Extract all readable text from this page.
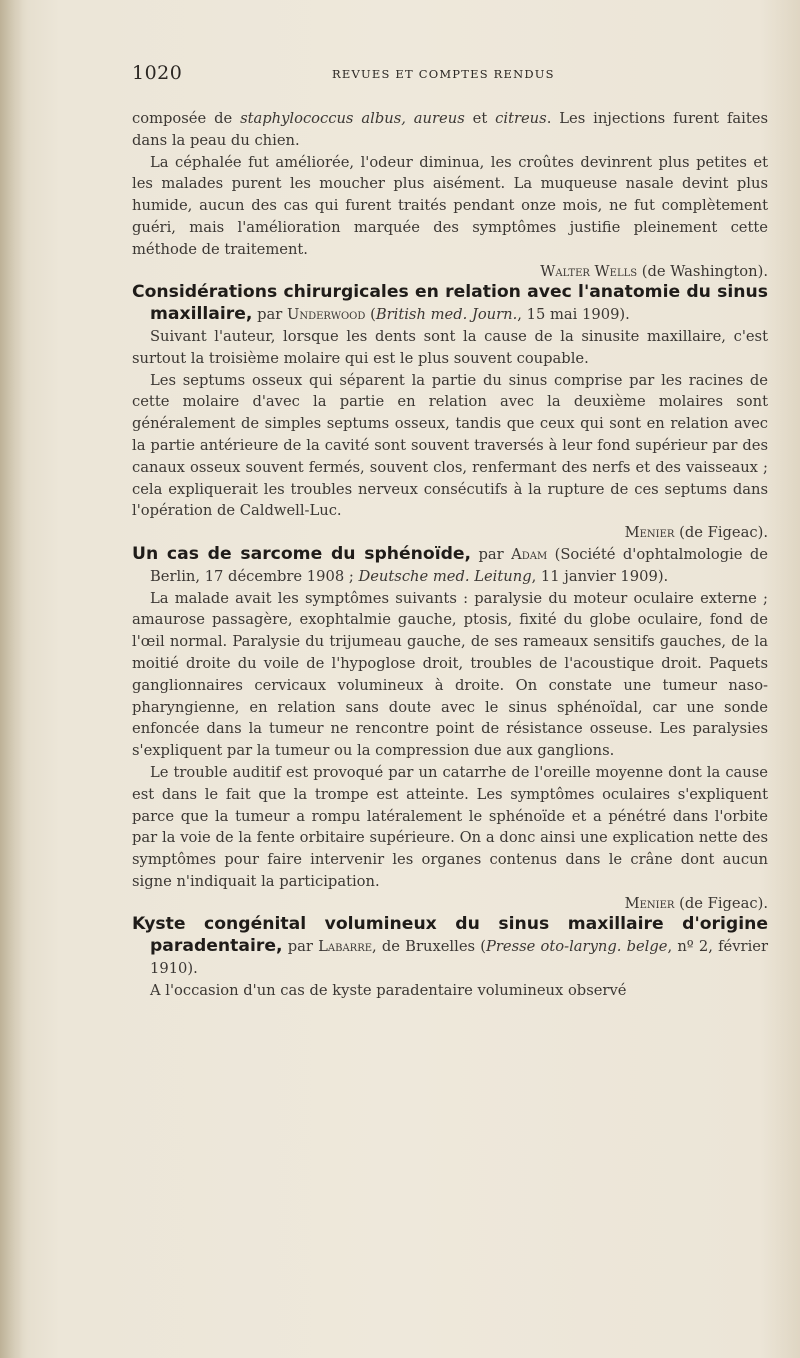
1020	REVUES ET COMPTES RENDUS

composée de staphylococcus albus, aureus et citreus. Les injections furent faites dans la peau du chien.

La céphalée fut améliorée, l'odeur diminua, les croûtes devinrent plus petites et les malades purent les moucher plus aisément. La muqueuse nasale devint plus humide, aucun des cas qui furent traités pendant onze mois, ne fut complètement guéri, mais l'amélioration marquée des symptômes justifie pleinement cette méthode de traitement.

Walter Wells (de Washington).

Considérations chirurgicales en relation avec l'anatomie du sinus maxillaire, par Underwood (British med. Journ., 15 mai 1909).

Suivant l'auteur, lorsque les dents sont la cause de la sinusite maxillaire, c'est surtout la troisième molaire qui est le plus souvent coupable.

Les septums osseux qui séparent la partie du sinus comprise par les racines de cette molaire d'avec la partie en relation avec la deuxième molaires sont généralement de simples septums osseux, tandis que ceux qui sont en relation avec la partie antérieure de la cavité sont souvent traversés à leur fond supérieur par des canaux osseux souvent fermés, souvent clos, renfermant des nerfs et des vaisseaux ; cela expliquerait les troubles nerveux consécutifs à la rupture de ces septums dans l'opération de Caldwell-Luc.

Menier (de Figeac).

Un cas de sarcome du sphénoïde, par Adam (Société d'ophtalmologie de Berlin, 17 décembre 1908 ; Deutsche med. Leitung, 11 janvier 1909).

La malade avait les symptômes suivants : paralysie du moteur oculaire externe ; amaurose passagère, exophtalmie gauche, ptosis, fixité du globe oculaire, fond de l'œil normal. Paralysie du trijumeau gauche, de ses rameaux sensitifs gauches, de la moitié droite du voile de l'hypoglose droit, troubles de l'acoustique droit. Paquets ganglionnaires cervicaux volumineux à droite. On constate une tumeur naso-pharyngienne, en relation sans doute avec le sinus sphénoïdal, car une sonde enfoncée dans la tumeur ne rencontre point de résistance osseuse. Les paralysies s'expliquent par la tumeur ou la compression due aux ganglions.

Le trouble auditif est provoqué par un catarrhe de l'oreille moyenne dont la cause est dans le fait que la trompe est atteinte. Les symptômes oculaires s'expliquent parce que la tumeur a rompu latéralement le sphénoïde et a pénétré dans l'orbite par la voie de la fente orbitaire supérieure. On a donc ainsi une explication nette des symptômes pour faire intervenir les organes contenus dans le crâne dont aucun signe n'indiquait la participation.

Menier (de Figeac).

Kyste congénital volumineux du sinus maxillaire d'origine paradentaire, par Labarre, de Bruxelles (Presse oto-laryng. belge, nº 2, février 1910).

A l'occasion d'un cas de kyste paradentaire volumineux observé
